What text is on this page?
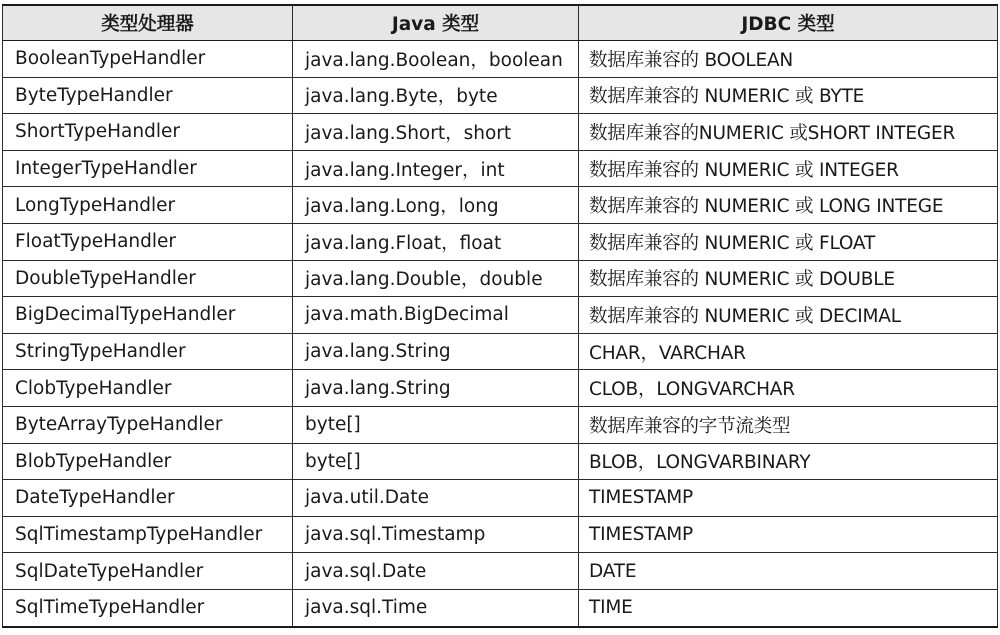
类型处理器	Java 类型	JDBC 类型
BooleanTypeHandler	java.lang.Boolean，boolean	数据库兼容的 BOOLEAN
ByteTypeHandler	java.lang.Byte，byte	数据库兼容的 NUMERIC 或 BYTE
ShortTypeHandler	java.lang.Short，short	数据库兼容的NUMERIC 或SHORT INTEGER
IntegerTypeHandler	java.lang.Integer，int	数据库兼容的 NUMERIC 或 INTEGER
LongTypeHandler	java.lang.Long，long	数据库兼容的 NUMERIC 或 LONG INTEGE
FloatTypeHandler	java.lang.Float，float	数据库兼容的 NUMERIC 或 FLOAT
DoubleTypeHandler	java.lang.Double，double	数据库兼容的 NUMERIC 或 DOUBLE
BigDecimalTypeHandler	java.math.BigDecimal	数据库兼容的 NUMERIC 或 DECIMAL
StringTypeHandler	java.lang.String	CHAR，VARCHAR
ClobTypeHandler	java.lang.String	CLOB，LONGVARCHAR
ByteArrayTypeHandler	byte[]	数据库兼容的字节流类型
BlobTypeHandler	byte[]	BLOB，LONGVARBINARY
DateTypeHandler	java.util.Date	TIMESTAMP
SqlTimestampTypeHandler	java.sql.Timestamp	TIMESTAMP
SqlDateTypeHandler	java.sql.Date	DATE
SqlTimeTypeHandler	java.sql.Time	TIME
